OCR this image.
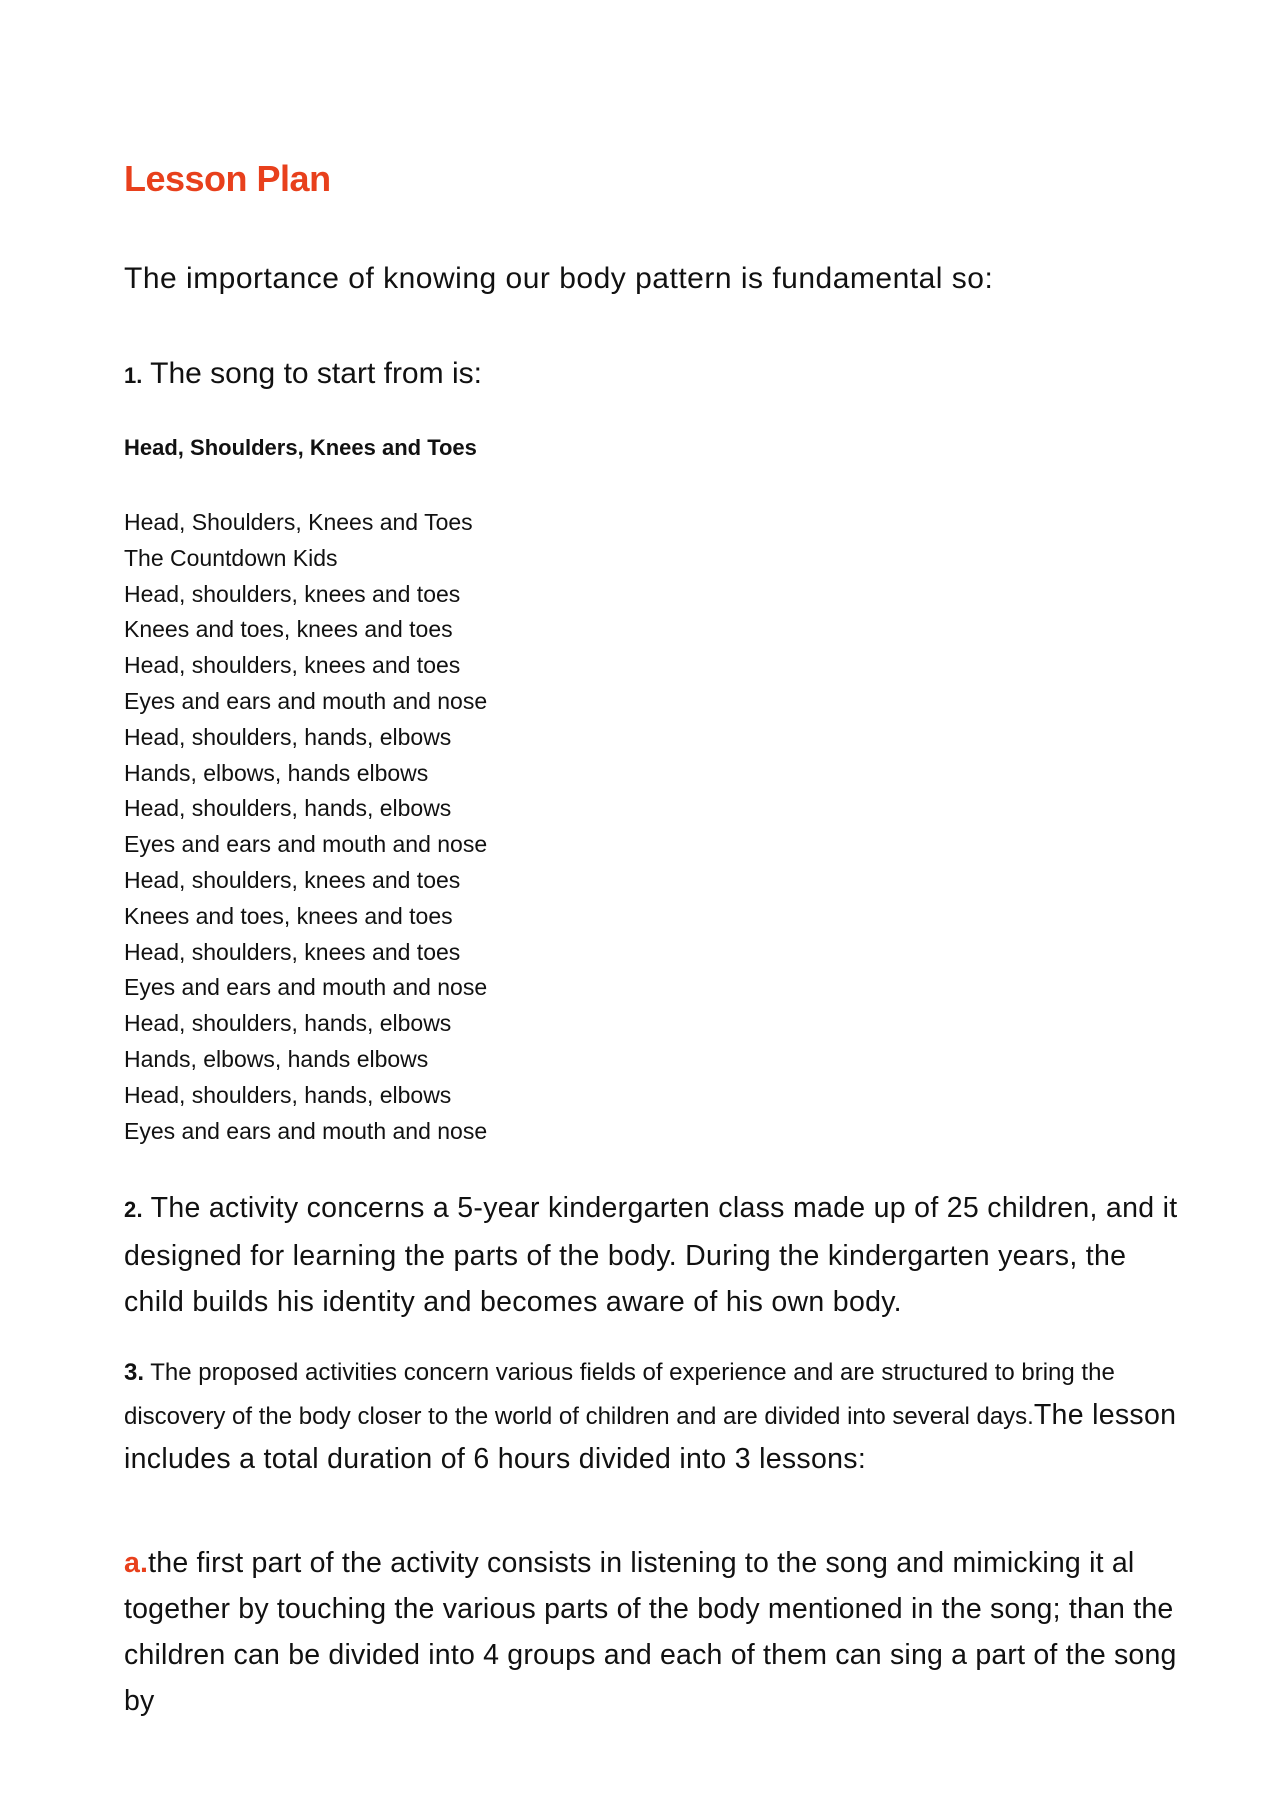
Lesson Plan

The importance of knowing our body pattern is fundamental so:

1. The song to start from is:

Head, Shoulders, Knees and Toes
Head, Shoulders, Knees and Toes
The Countdown Kids
Head, shoulders, knees and toes
Knees and toes, knees and toes
Head, shoulders, knees and toes
Eyes and ears and mouth and nose
Head, shoulders, hands, elbows
Hands, elbows, hands elbows
Head, shoulders, hands, elbows
Eyes and ears and mouth and nose
Head, shoulders, knees and toes
Knees and toes, knees and toes
Head, shoulders, knees and toes
Eyes and ears and mouth and nose
Head, shoulders, hands, elbows
Hands, elbows, hands elbows
Head, shoulders, hands, elbows
Eyes and ears and mouth and nose

2. The activity concerns a 5-year kindergarten class made up of 25 children, and it designed for learning the parts of the body. During the kindergarten years, the child builds his identity and becomes aware of his own body.

3. The proposed activities concern various fields of experience and are structured to bring the discovery of the body closer to the world of children and are divided into several days.The lesson includes a total duration of 6 hours divided into 3 lessons:

a.the first part of the activity consists in listening to the song and mimicking it al together by touching the various parts of the body mentioned in the song; than the children can be divided into 4 groups and each of them can sing a part of the song by
